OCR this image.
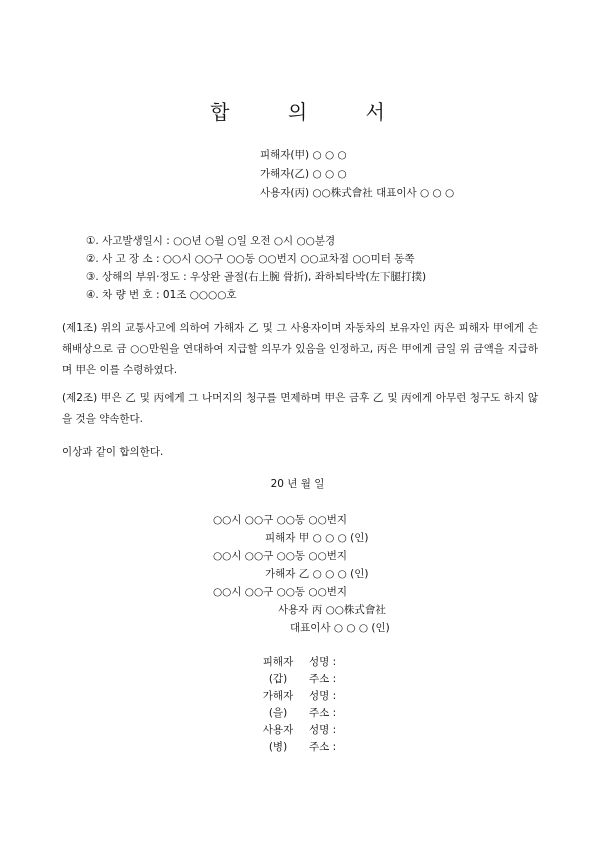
합 의 서
피해자(甲) ○ ○ ○
가해자(乙) ○ ○ ○
사용자(丙) ○○株式會社 대표이사 ○ ○ ○
①. 사고발생일시 : ○○년 ○월 ○일 오전 ○시 ○○분경
②. 사 고 장 소 : ○○시 ○○구 ○○동 ○○번지 ○○교차점 ○○미터 동쪽
③. 상해의 부위·정도 : 우상완 골절(右上腕 骨折), 좌하퇴타박(左下腿打撲)
④. 차 량 번 호 : 01조 ○○○○호
(제1조) 위의 교통사고에 의하여 가해자 乙 및 그 사용자이며 자동차의 보유자인 丙은 피해자 甲에게 손해배상으로 금 ○○만원을 연대하여 지급할 의무가 있음을 인정하고, 丙은 甲에게 금일 위 금액을 지급하며 甲은 이를 수령하였다.
(제2조) 甲은 乙 및 丙에게 그 나머지의 청구를 면제하며 甲은 금후 乙 및 丙에게 아무런 청구도 하지 않을 것을 약속한다.
이상과 같이 합의한다.
20 년 월 일
○○시 ○○구 ○○동 ○○번지
피해자 甲 ○ ○ ○ (인)
○○시 ○○구 ○○동 ○○번지
가해자 乙 ○ ○ ○ (인)
○○시 ○○구 ○○동 ○○번지
사용자 丙 ○○株式會社
대표이사 ○ ○ ○ (인)
피해자	성명 :
(갑)	주소 :
가해자	성명 :
(을)	주소 :
사용자	성명 :
(병)	주소 :
